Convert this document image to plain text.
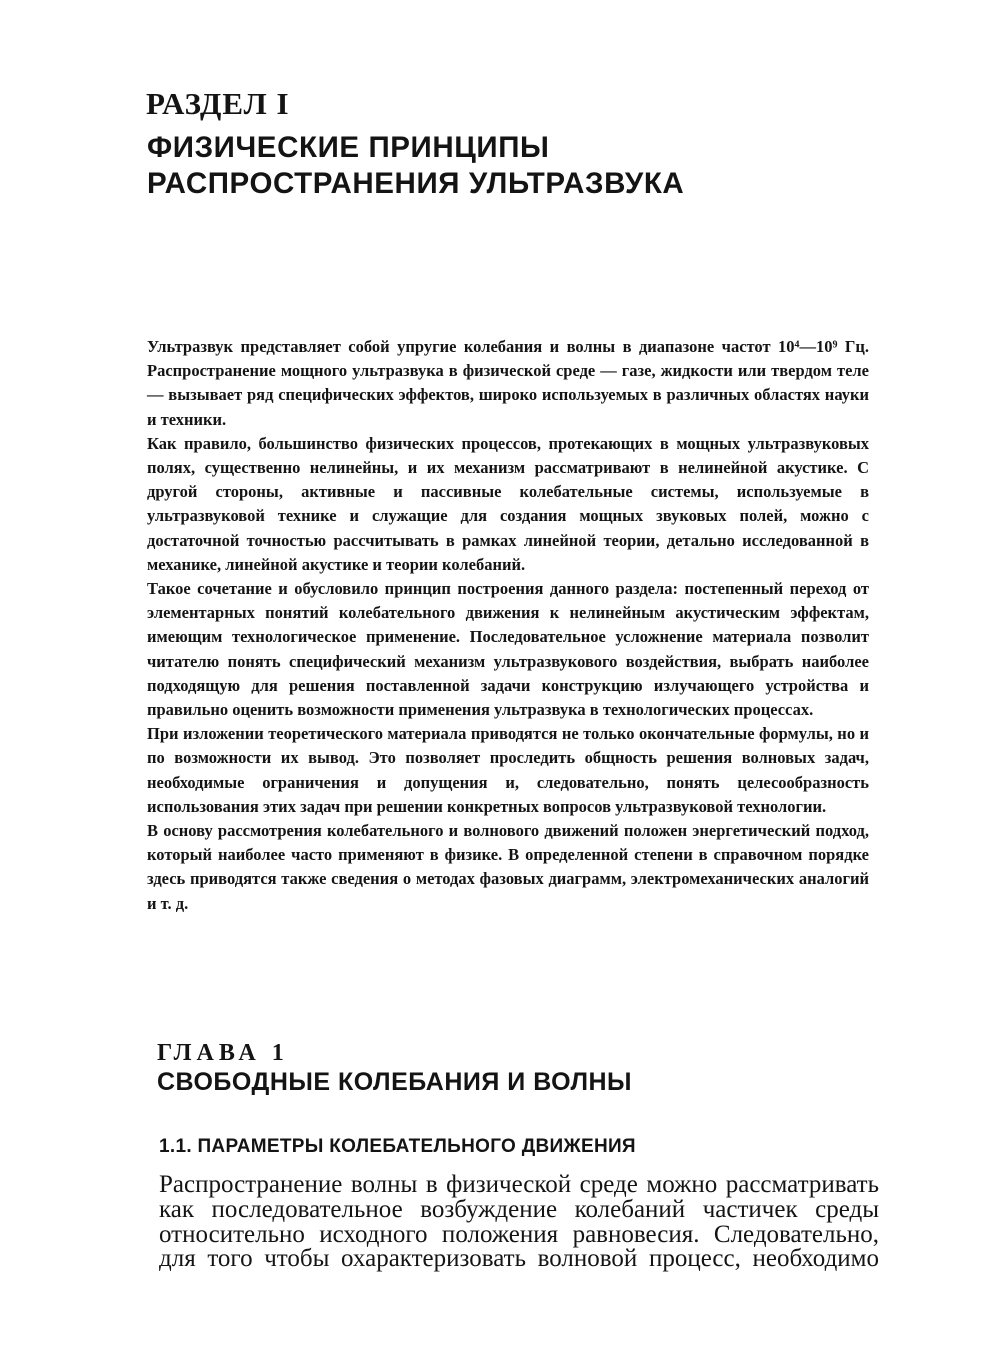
РАЗДЕЛ I
ФИЗИЧЕСКИЕ ПРИНЦИПЫ РАСПРОСТРАНЕНИЯ УЛЬТРАЗВУКА

Ультразвук представляет собой упругие колебания и волны в диапазоне частот 10⁴—10⁹ Гц. Распространение мощного ультразвука в физической среде — газе, жидкости или твердом теле — вызывает ряд специфических эффектов, широко используемых в различных областях науки и техники.

Как правило, большинство физических процессов, протекающих в мощных ультразвуковых полях, существенно нелинейны, и их механизм рассматривают в нелинейной акустике. С другой стороны, активные и пассивные колебательные системы, используемые в ультразвуковой технике и служащие для создания мощных звуковых полей, можно с достаточной точностью рассчитывать в рамках линейной теории, детально исследованной в механике, линейной акустике и теории колебаний.

Такое сочетание и обусловило принцип построения данного раздела: постепенный переход от элементарных понятий колебательного движения к нелинейным акустическим эффектам, имеющим технологическое применение. Последовательное усложнение материала позволит читателю понять специфический механизм ультразвукового воздействия, выбрать наиболее подходящую для решения поставленной задачи конструкцию излучающего устройства и правильно оценить возможности применения ультразвука в технологических процессах.

При изложении теоретического материала приводятся не только окончательные формулы, но и по возможности их вывод. Это позволяет проследить общность решения волновых задач, необходимые ограничения и допущения и, следовательно, понять целесообразность использования этих задач при решении конкретных вопросов ультразвуковой технологии.

В основу рассмотрения колебательного и волнового движений положен энергетический подход, который наиболее часто применяют в физике. В определенной степени в справочном порядке здесь приводятся также сведения о методах фазовых диаграмм, электромеханических аналогий и т. д.

ГЛАВА 1
СВОБОДНЫЕ КОЛЕБАНИЯ И ВОЛНЫ
1.1. ПАРАМЕТРЫ КОЛЕБАТЕЛЬНОГО ДВИЖЕНИЯ

Распространение волны в физической среде можно рассматривать как последовательное возбуждение колебаний частичек среды относительно исходного положения равновесия. Следовательно, для того чтобы охарактеризовать волновой процесс, необходимо
